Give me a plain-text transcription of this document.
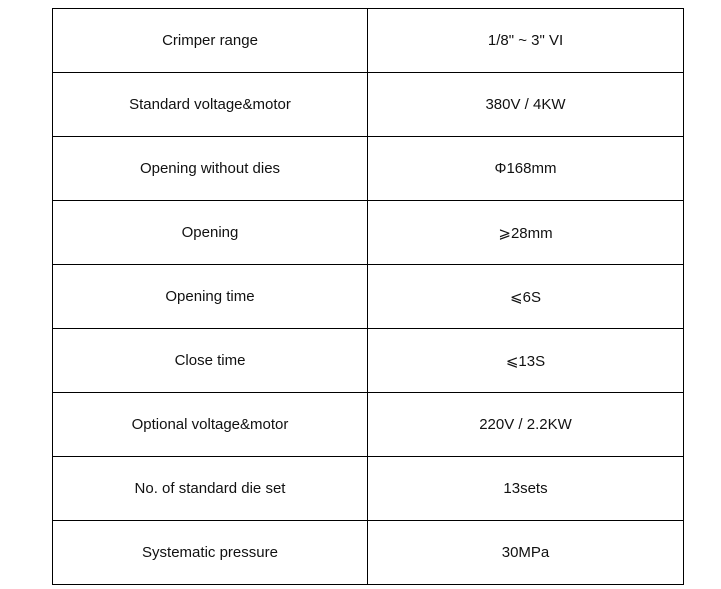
Crimper range	1/8" ~ 3" VI
Standard voltage&motor	380V / 4KW
Opening without dies	Φ168mm
Opening	⩾28mm
Opening time	⩽6S
Close time	⩽13S
Optional voltage&motor	220V / 2.2KW
No. of standard die set	13sets
Systematic pressure	30MPa
